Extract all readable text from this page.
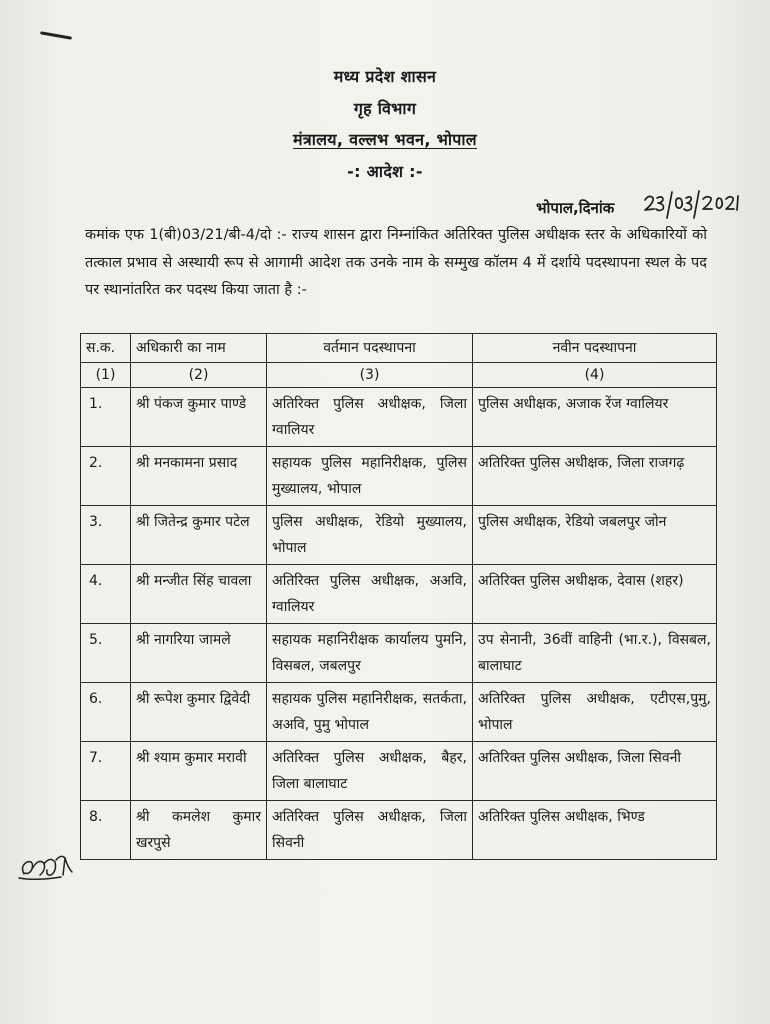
मध्य प्रदेश शासन
गृह विभाग
मंत्रालय, वल्लभ भवन, भोपाल
-: आदेश :-
भोपाल,दिनांक
कमांक एफ 1(बी)03/21/बी-4/दो :- राज्य शासन द्वारा निम्नांकित अतिरिक्त पुलिस अधीक्षक स्तर के अधिकारियों को तत्काल प्रभाव से अस्थायी रूप से आगामी आदेश तक उनके नाम के सम्मुख कॉलम 4 में दर्शाये पदस्थापना स्थल के पद पर स्थानांतरित कर पदस्थ किया जाता है :-
स.क.	अधिकारी का नाम	वर्तमान पदस्थापना	नवीन पदस्थापना
(1)	(2)	(3)	(4)
1.	श्री पंकज कुमार पाण्डे	अतिरिक्त पुलिस अधीक्षक, जिला ग्वालियर	पुलिस अधीक्षक, अजाक रेंज ग्वालियर
2.	श्री मनकामना प्रसाद	सहायक पुलिस महानिरीक्षक, पुलिस मुख्यालय, भोपाल	अतिरिक्त पुलिस अधीक्षक, जिला राजगढ़
3.	श्री जितेन्द्र कुमार पटेल	पुलिस अधीक्षक, रेडियो मुख्यालय, भोपाल	पुलिस अधीक्षक, रेडियो जबलपुर जोन
4.	श्री मन्जीत सिंह चावला	अतिरिक्त पुलिस अधीक्षक, अअवि, ग्वालियर	अतिरिक्त पुलिस अधीक्षक, देवास (शहर)
5.	श्री नागरिया जामले	सहायक महानिरीक्षक कार्यालय पुमनि, विसबल, जबलपुर	उप सेनानी, 36वीं वाहिनी (भा.र.), विसबल, बालाघाट
6.	श्री रूपेश कुमार द्विवेदी	सहायक पुलिस महानिरीक्षक, सतर्कता, अअवि, पुमु भोपाल	अतिरिक्त पुलिस अधीक्षक, एटीएस,पुमु, भोपाल
7.	श्री श्याम कुमार मरावी	अतिरिक्त पुलिस अधीक्षक, बैहर, जिला बालाघाट	अतिरिक्त पुलिस अधीक्षक, जिला सिवनी
8.	श्री कमलेश कुमार खरपुसे	अतिरिक्त पुलिस अधीक्षक, जिला सिवनी	अतिरिक्त पुलिस अधीक्षक, भिण्ड
